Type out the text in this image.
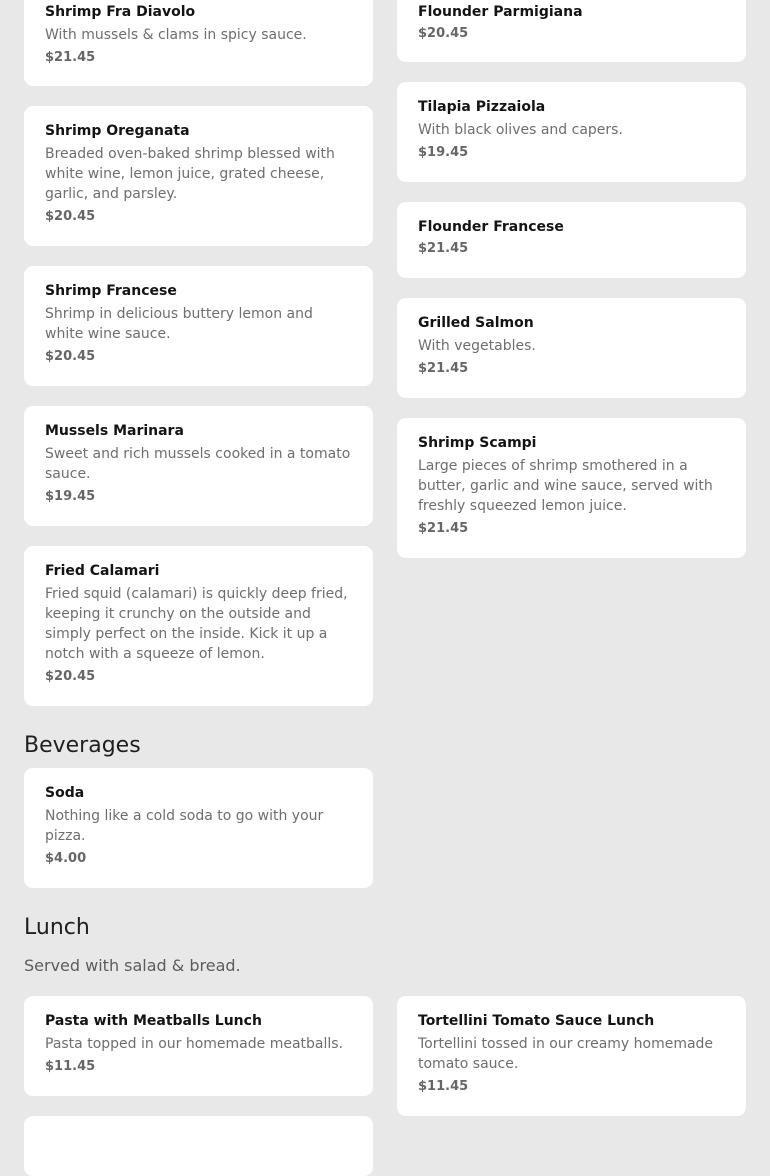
Shrimp Fra Diavolo
With mussels & clams in spicy sauce.
$21.45
Shrimp Oreganata
Breaded oven-baked shrimp blessed with white wine, lemon juice, grated cheese, garlic, and parsley.
$20.45
Shrimp Francese
Shrimp in delicious buttery lemon and white wine sauce.
$20.45
Mussels Marinara
Sweet and rich mussels cooked in a tomato sauce.
$19.45
Fried Calamari
Fried squid (calamari) is quickly deep fried, keeping it crunchy on the outside and simply perfect on the inside. Kick it up a notch with a squeeze of lemon.
$20.45
Flounder Parmigiana
$20.45
Tilapia Pizzaiola
With black olives and capers.
$19.45
Flounder Francese
$21.45
Grilled Salmon
With vegetables.
$21.45
Shrimp Scampi
Large pieces of shrimp smothered in a butter, garlic and wine sauce, served with freshly squeezed lemon juice.
$21.45
Beverages
Soda
Nothing like a cold soda to go with your pizza.
$4.00
Lunch
Served with salad & bread.
Pasta with Meatballs Lunch
Pasta topped in our homemade meatballs.
$11.45
Tortellini Tomato Sauce Lunch
Tortellini tossed in our creamy homemade tomato sauce.
$11.45
